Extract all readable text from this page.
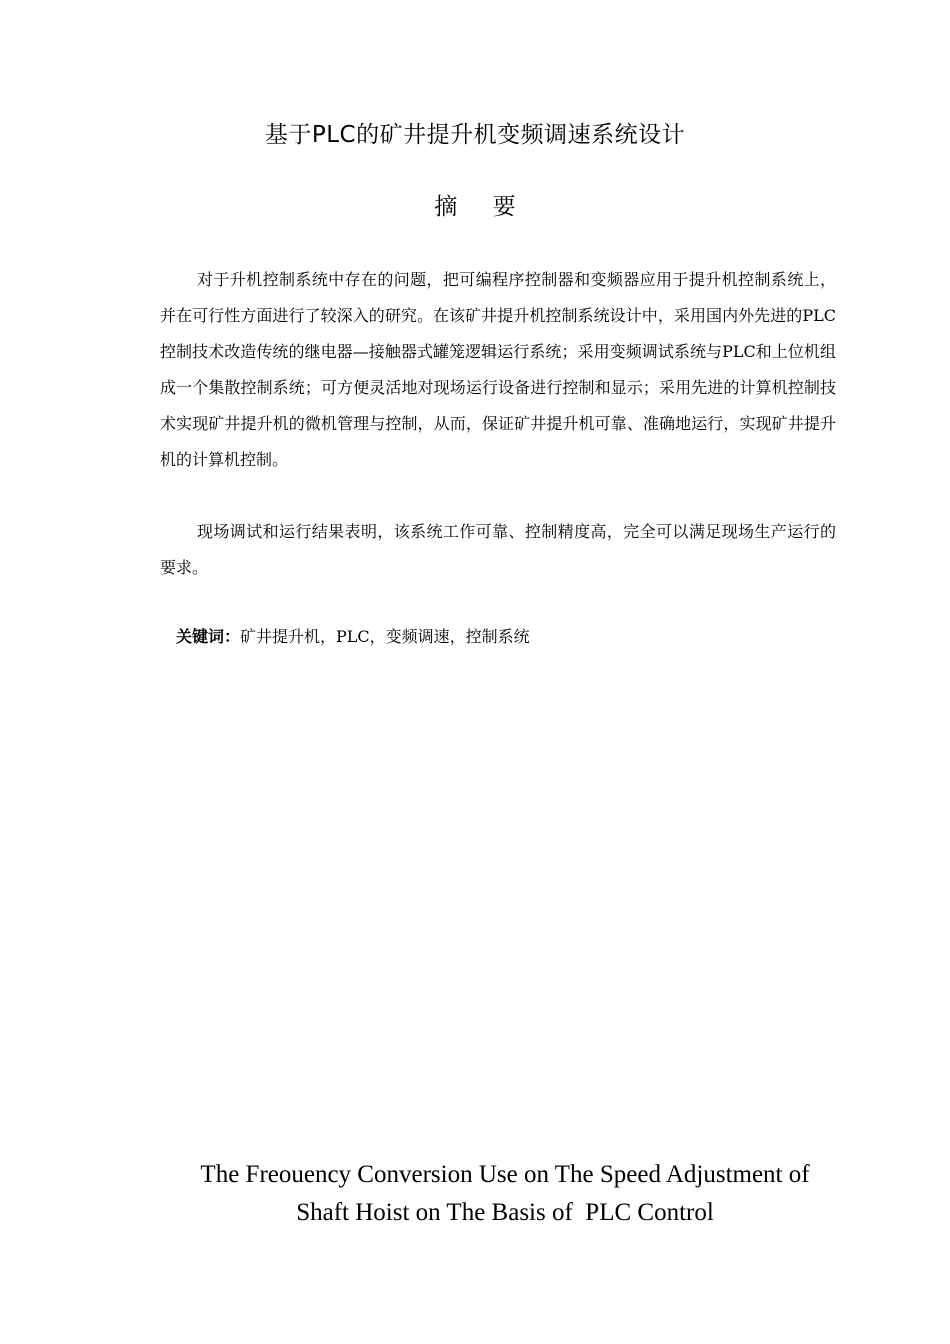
基于PLC的矿井提升机变频调速系统设计
摘 要

对于升机控制系统中存在的问题，把可编程序控制器和变频器应用于提升机控制系统上，并在可行性方面进行了较深入的研究。在该矿井提升机控制系统设计中，采用国内外先进的PLC控制技术改造传统的继电器—接触器式罐笼逻辑运行系统；采用变频调试系统与PLC和上位机组成一个集散控制系统；可方便灵活地对现场运行设备进行控制和显示；采用先进的计算机控制技术实现矿井提升机的微机管理与控制，从而，保证矿井提升机可靠、准确地运行，实现矿井提升机的计算机控制。

现场调试和运行结果表明，该系统工作可靠、控制精度高，完全可以满足现场生产运行的要求。

关键词：矿井提升机，PLC，变频调速，控制系统
The Freouency Conversion Use on The Speed Adjustment of
Shaft Hoist on The Basis of  PLC Control
